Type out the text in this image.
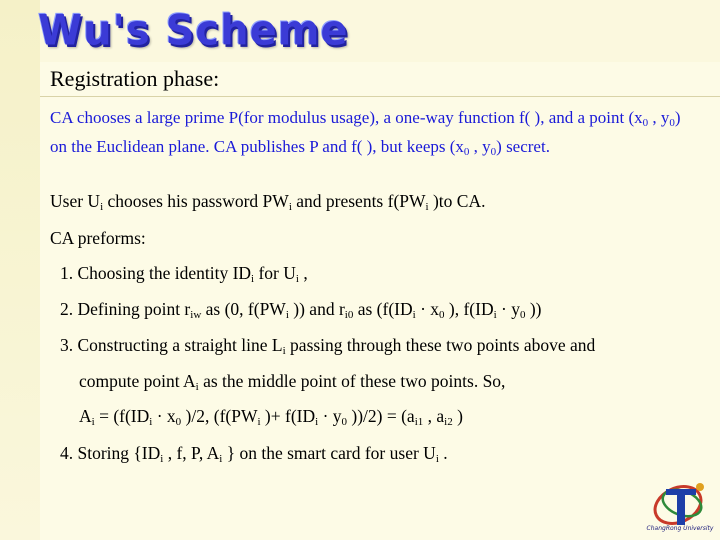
Wu's Scheme
Registration phase:
CA chooses a large prime P(for modulus usage), a one-way function f( ), and a point ($x_0$ , $y_0$) on the Euclidean plane. CA publishes P and f( ), but keeps ($x_0$ , $y_0$) secret.
User $U_i$ chooses his password $PW_i$ and presents $f(PW_i$ )to CA.
CA preforms:
1. Choosing the identity $ID_i$ for $U_i$ ,
2. Defining point $r_{iw}$ as (0, $f(PW_i$ )) and $r_{i0}$ as ($f(ID_i \cdot x_0$ ), $f(ID_i \cdot y_0$ ))
3. Constructing a straight line $L_i$ passing through these two points above and
compute point $A_i$ as the middle point of these two points. So,
$A_i = (f(ID_i \cdot x_0$ )/2, ($f(PW_i$ )+ $f(ID_i \cdot y_0$ ))$/2) = (a_{i1}$ , $a_{i2}$ )
4. Storing {$ID_i$ , f, P, $A_i$ } on the smart card for user $U_i$ .
ChangRong University
